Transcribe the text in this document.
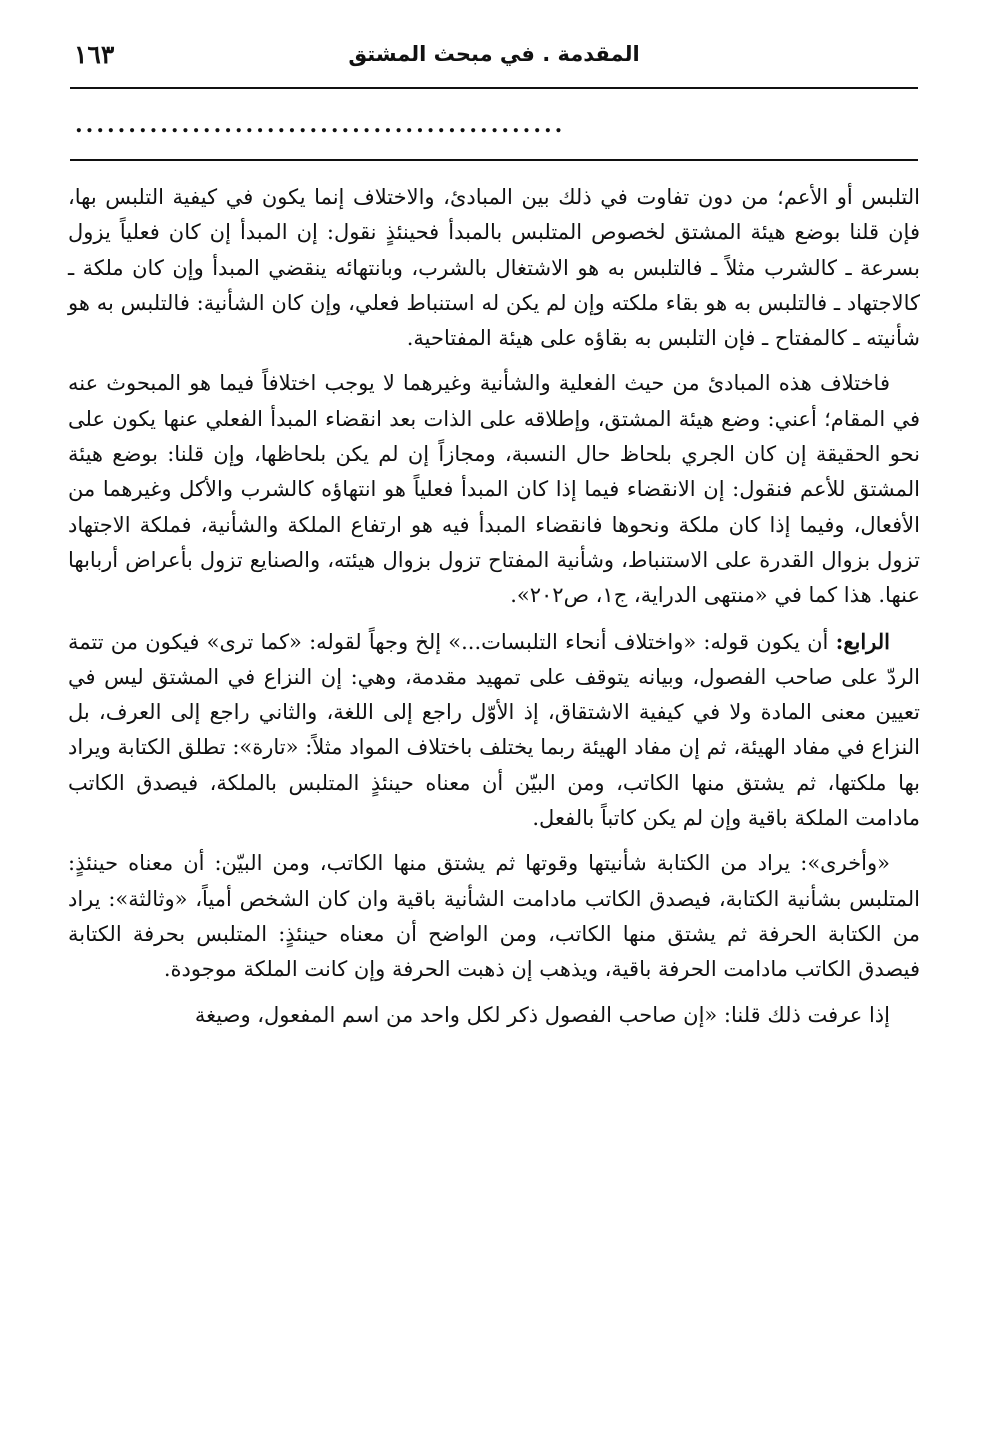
المقدمة . في مبحث المشتق
١٦٣
..............................................

التلبس أو الأعم؛ من دون تفاوت في ذلك بين المبادئ، والاختلاف إنما يكون في كيفية التلبس بها، فإن قلنا بوضع هيئة المشتق لخصوص المتلبس بالمبدأ فحينئذٍ نقول: إن المبدأ إن كان فعلياً يزول بسرعة ـ كالشرب مثلاً ـ فالتلبس به هو الاشتغال بالشرب، وبانتهائه ينقضي المبدأ وإن كان ملكة ـ كالاجتهاد ـ فالتلبس به هو بقاء ملكته وإن لم يكن له استنباط فعلي، وإن كان الشأنية: فالتلبس به هو شأنيته ـ كالمفتاح ـ فإن التلبس به بقاؤه على هيئة المفتاحية.

فاختلاف هذه المبادئ من حيث الفعلية والشأنية وغيرهما لا يوجب اختلافاً فيما هو المبحوث عنه في المقام؛ أعني: وضع هيئة المشتق، وإطلاقه على الذات بعد انقضاء المبدأ الفعلي عنها يكون على نحو الحقيقة إن كان الجري بلحاظ حال النسبة، ومجازاً إن لم يكن بلحاظها، وإن قلنا: بوضع هيئة المشتق للأعم فنقول: إن الانقضاء فيما إذا كان المبدأ فعلياً هو انتهاؤه كالشرب والأكل وغيرهما من الأفعال، وفيما إذا كان ملكة ونحوها فانقضاء المبدأ فيه هو ارتفاع الملكة والشأنية، فملكة الاجتهاد تزول بزوال القدرة على الاستنباط، وشأنية المفتاح تزول بزوال هيئته، والصنايع تزول بأعراض أربابها عنها. هذا كما في «منتهى الدراية، ج١، ص٢٠٢».

الرابع: أن يكون قوله: «واختلاف أنحاء التلبسات...» إلخ وجهاً لقوله: «كما ترى» فيكون من تتمة الردّ على صاحب الفصول، وبيانه يتوقف على تمهيد مقدمة، وهي: إن النزاع في المشتق ليس في تعيين معنى المادة ولا في كيفية الاشتقاق، إذ الأوّل راجع إلى اللغة، والثاني راجع إلى العرف، بل النزاع في مفاد الهيئة، ثم إن مفاد الهيئة ربما يختلف باختلاف المواد مثلاً: «تارة»: تطلق الكتابة ويراد بها ملكتها، ثم يشتق منها الكاتب، ومن البيّن أن معناه حينئذٍ المتلبس بالملكة، فيصدق الكاتب مادامت الملكة باقية وإن لم يكن كاتباً بالفعل.

«وأخرى»: يراد من الكتابة شأنيتها وقوتها ثم يشتق منها الكاتب، ومن البيّن: أن معناه حينئذٍ: المتلبس بشأنية الكتابة، فيصدق الكاتب مادامت الشأنية باقية وان كان الشخص أمياً، «وثالثة»: يراد من الكتابة الحرفة ثم يشتق منها الكاتب، ومن الواضح أن معناه حينئذٍ: المتلبس بحرفة الكتابة فيصدق الكاتب مادامت الحرفة باقية، ويذهب إن ذهبت الحرفة وإن كانت الملكة موجودة.

إذا عرفت ذلك قلنا: «إن صاحب الفصول ذكر لكل واحد من اسم المفعول، وصيغة
